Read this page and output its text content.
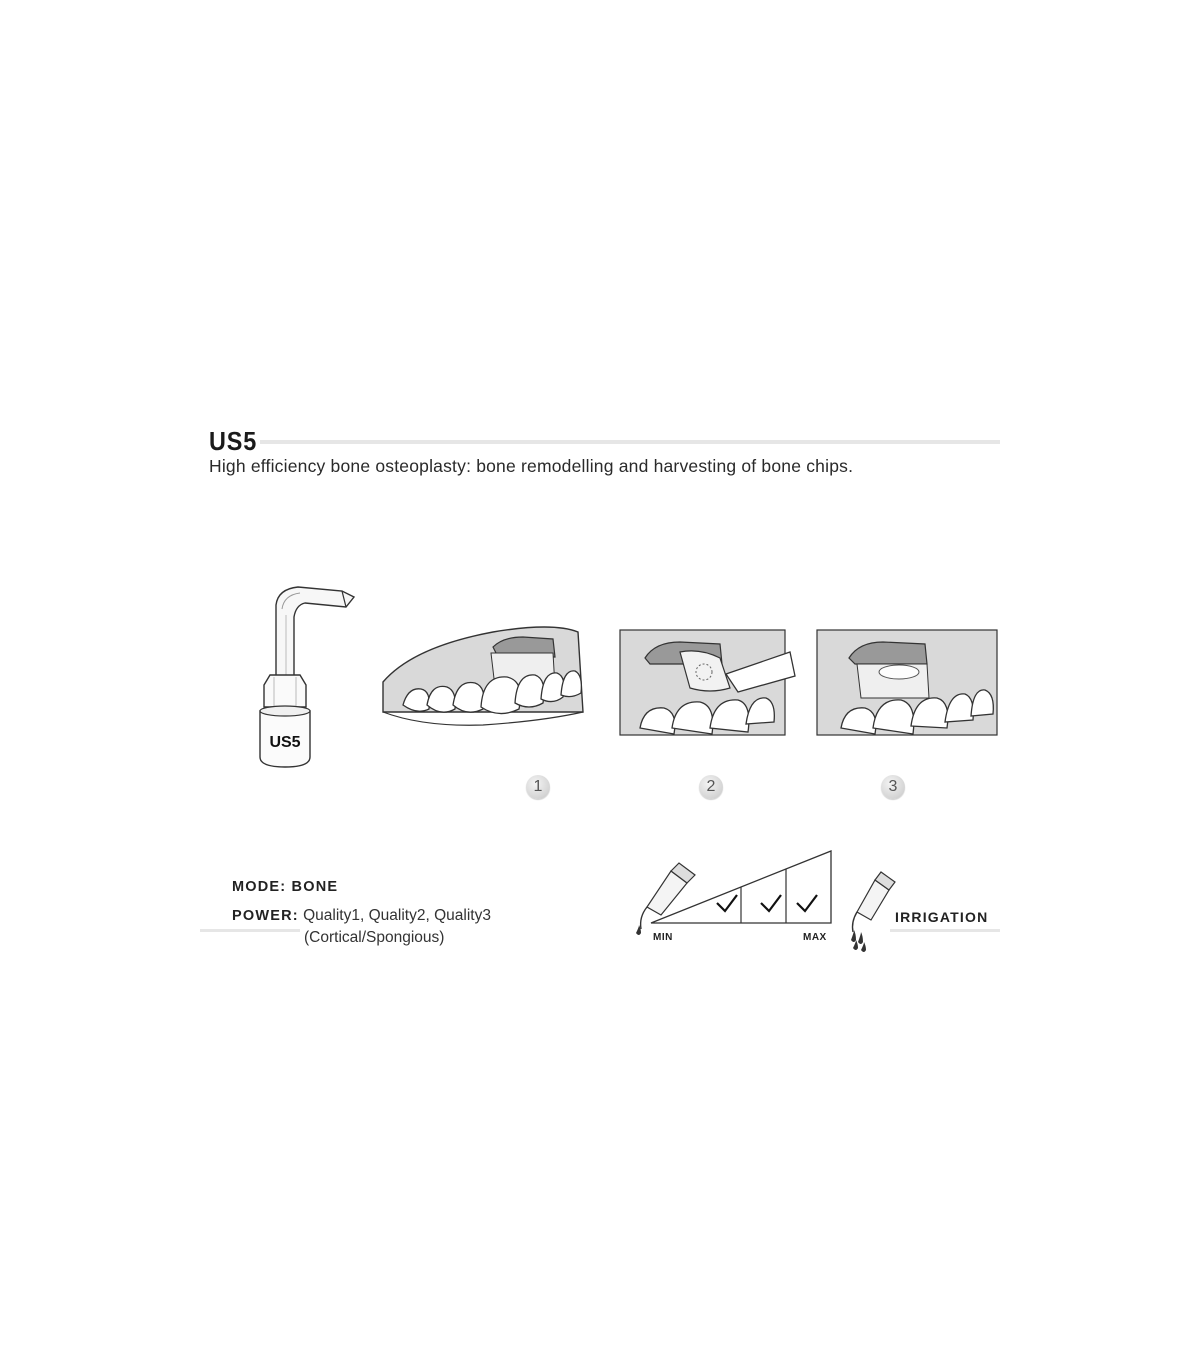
US5
High efficiency bone osteoplasty: bone remodelling and harvesting of bone chips.
US5
1	2	3
MODE: BONE
POWER: Quality1, Quality2, Quality3
(Cortical/Spongious)	MIN	MAX
IRRIGATION
